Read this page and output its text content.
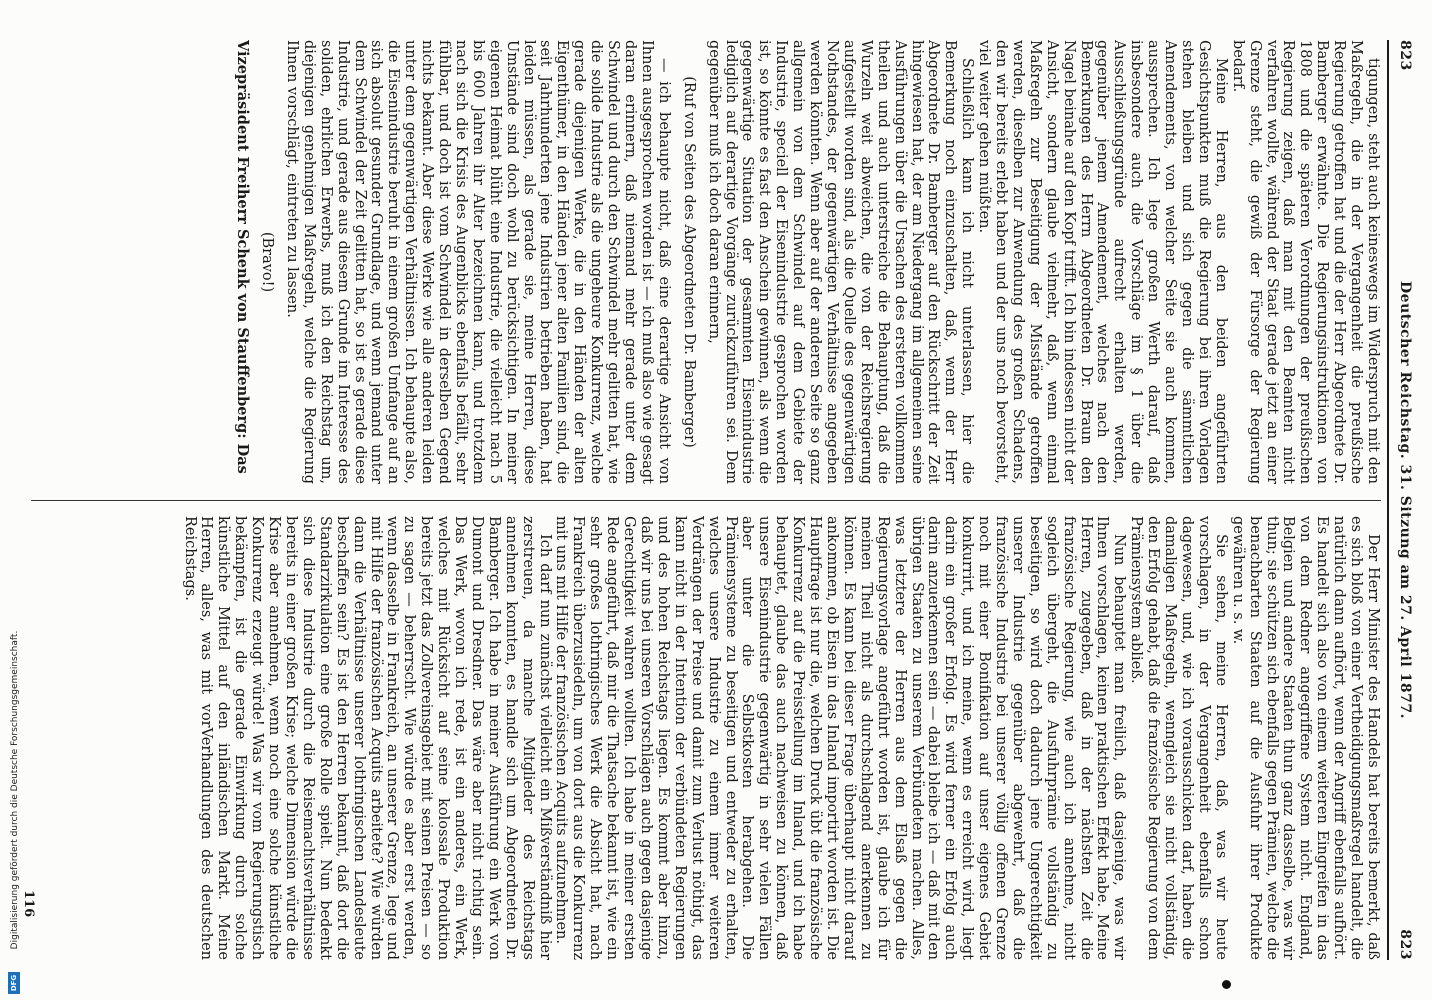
823
Deutscher Reichstag. 31. Sitzung am 27. April 1877.
823

tigungen, steht auch keineswegs im Widerspruch mit den Maßregeln, die in der Vergangenheit die preußische Regierung getroffen hat und die der Herr Abgeordnete Dr. Bamberger erwähnte. Die Regierungsinstruktionen von 1808 und die späteren Verordnungen der preußischen Regierung zeigen, daß man mit den Beamten nicht verfahren wollte, während der Staat gerade jetzt an einer Grenze steht, die gewiß der Fürsorge der Regierung bedarf.

Meine Herren, aus den beiden angeführten Gesichtspunkten muß die Regierung bei ihren Vorlagen stehen bleiben und sich gegen die sämmtlichen Amendements, von welcher Seite sie auch kommen, aussprechen. Ich lege großen Werth darauf, daß insbesondere auch die Vorschläge im § 1 über die Ausschließungsgründe aufrecht erhalten werden, gegenüber jenem Amendement, welches nach den Bemerkungen des Herrn Abgeordneten Dr. Braun den Nagel beinahe auf den Kopf trifft. Ich bin indessen nicht der Ansicht, sondern glaube vielmehr, daß, wenn einmal Maßregeln zur Beseitigung der Misstände getroffen werden, dieselben zur Anwendung des großen Schadens, den wir bereits erlebt haben und der uns noch bevorsteht, viel weiter gehen müßten.

Schließlich kann ich nicht unterlassen, hier die Bemerkung noch einzuschalten, daß, wenn der Herr Abgeordnete Dr. Bamberger auf den Rückschritt der Zeit hingewiesen hat, der am Niedergang im allgemeinen seine Ausführungen über die Ursachen des ersteren vollkommen theilen und auch unterstreiche die Behauptung, daß die Wurzeln weit abweichen, die von der Reichsregierung aufgestellt worden sind, als die Quelle des gegenwärtigen Nothstandes, der gegenwärtigen Verhältnisse angegeben werden könnten. Wenn aber auf der anderen Seite so ganz allgemein von dem Schwindel auf dem Gebiete der Industrie, speciell der Eisenindustrie gesprochen worden ist, so könnte es fast den Anschein gewinnen, als wenn die gegenwärtige Situation der gesammten Eisenindustrie lediglich auf derartige Vorgänge zurückzuführen sei. Dem gegenüber muß ich doch daran erinnern,

(Ruf von Seiten des Abgeordneten Dr. Bamberger)

— ich behaupte nicht, daß eine derartige Ansicht von Ihnen ausgesprochen worden ist — ich muß also wie gesagt daran erinnern, daß niemand mehr gerade unter dem Schwindel und durch den Schwindel mehr gelitten hat, wie die solide Industrie als die ungeheure Konkurrenz, welche gerade diejenigen Werke, die in den Händen der alten Eigenthümer, in den Händen jener alten Familien sind, die seit Jahrhunderten jene Industrien betrieben haben, hat leiden müssen, als gerade sie, meine Herren, diese Umstände sind doch wohl zu berücksichtigen. In meiner eigenen Heimat blüht eine Industrie, die vielleicht nach 5 bis 600 Jahren ihr Alter bezeichnen kann, und trotzdem nach sich die Krisis des Augenblicks ebenfalls befällt, sehr fühlbar, und doch ist vom Schwindel in derselben Gegend nichts bekannt. Aber diese Werke wie alle anderen leiden unter dem gegenwärtigen Verhältnissen. Ich behaupte also, die Eisenindustrie beruht in einem großen Umfange auf an sich absolut gesunder Grundlage, und wenn jemand unter dem Schwindel der Zeit gelitten hat, so ist es gerade diese Industrie, und gerade aus diesem Grunde im Interesse des soliden, ehrlichen Erwerbs, muß ich den Reichstag um, diejenigen genehmigen Maßregeln, welche die Regierung Ihnen vorschlägt, eintreten zu lassen.

(Bravo!)

Vizepräsident Freiherr Schenk von Stauffenberg: Das

Der Herr Minister des Handels hat bereits bemerkt, daß es sich bloß von einer Vertheidigungsmaßregel handelt, die natürlich dann aufhört, wenn der Angriff ebenfalls aufhört. Es handelt sich also von einem weiteren Eingreifen in das von dem Redner angegriffene System nicht. England, Belgien und andere Staaten thun ganz dasselbe, was wir thun; sie schützen sich ebenfalls gegen Prämien, welche die benachbarten Staaten auf die Ausfuhr ihrer Produkte gewähren u. s. w.

Sie sehen, meine Herren, daß, was wir heute vorschlagen, in der Vergangenheit ebenfalls schon dagewesen, und, wie ich vorausschicken darf, haben die damaligen Maßregeln, wenngleich sie nicht vollständig, den Erfolg gehabt, daß die französische Regierung von dem Prämiensystem abließ.

Nun behauptet man freilich, daß dasjenige, was wir Ihnen vorschlagen, keinen praktischen Effekt habe. Meine Herren, zugegeben, daß in der nächsten Zeit die französische Regierung, wie auch ich annehme, nicht sogleich übergeht, die Ausfuhrprämie vollständig zu beseitigen, so wird doch dadurch jene Ungerechtigkeit unserer Industrie gegenüber abgewehrt, daß die französische Industrie bei unserer völlig offenen Grenze noch mit einer Bonifikation auf unser eigenes Gebiet konkurrirt, und ich meine, wenn es erreicht wird, liegt darin ein großer Erfolg. Es wird ferner ein Erfolg auch darin anzuerkennen sein — dabei bleibe ich — daß mit den übrigen Staaten zu unserem Verbündeten machen. Alles, was letztere der Herren aus dem Elsaß gegen die Regierungsvorlage angeführt worden ist, glaube ich für meinen Theil nicht als durchschlagend anerkennen zu können. Es kann bei dieser Frage überhaupt nicht darauf ankommen, ob Eisen in das Inland importirt worden ist. Die Hauptfrage ist nur die, welchen Druck übt die französische Konkurrenz auf die Preisstellung im Inland, und ich habe behauptet, glaube das auch nachweisen zu können, daß unsere Eisenindustrie gegenwärtig in sehr vielen Fällen aber unter die Selbstkosten herabgehen. Die Prämiensysteme zu beseitigen und entweder zu erhalten, welches unsere Industrie zu einem immer weiteren Verdrängen der Preise und damit zum Verlust nöthigt, das kann nicht in der Intention der verbündeten Regierungen und des hohen Reichstags liegen. Es kommt aber hinzu, daß wir uns bei unseren Vorschlägen auch gegen dasjenige Gerechtigkeit wahren wollten. Ich habe in meiner ersten Rede angeführt, daß mir die Thatsache bekannt ist, wie ein sehr großes lothringisches Werk die Absicht hat, nach Frankreich überzusiedeln, um von dort aus die Konkurrenz mit uns mit Hilfe der französischen Acquits aufzunehmen.

Ich darf nun zunächst vielleicht ein Mißverständniß hier zerstreuen, da manche Mitglieder des Reichstags annehmen konnten, es handle sich um Abgeordneten Dr. Bamberger. Ich habe in meiner Ausführung ein Werk von Dumont und Dresdner. Das wäre aber nicht richtig sein. Das Werk, wovon ich rede, ist ein anderes, ein Werk, welches mit Rücksicht auf seine kolossale Produktion bereits jetzt das Zollvereinsgebiet mit seinen Preisen — so zu sagen — beherrscht. Wie würde es aber erst werden, wenn dasselbe in Frankreich, an unserer Grenze, lege und mit Hilfe der französischen Acquits arbeitete? Wie würden dann die Verhältnisse unserer lothringischen Landesleute beschaffen sein? Es ist den Herren bekannt, daß dort die Standarzirkulation eine große Rolle spielt. Nun bedenkt sich diese Industrie durch die Reisemachtsverhältnisse bereits in einer großen Krise; welche Dimension würde die Krise aber annehmen, wenn noch eine solche künstliche Konkurrenz erzeugt würde! Was wir vom Regierungstisch bekämpfen, ist die gerade Einwirkung durch solche künstliche Mittel auf den inländischen Markt. Meine Herren, alles, was mit vorVerhandlungen des deutschen Reichstags.

116
Digitalisierung gefördert durch die Deutsche Forschungsgemeinschaft.
DFG
